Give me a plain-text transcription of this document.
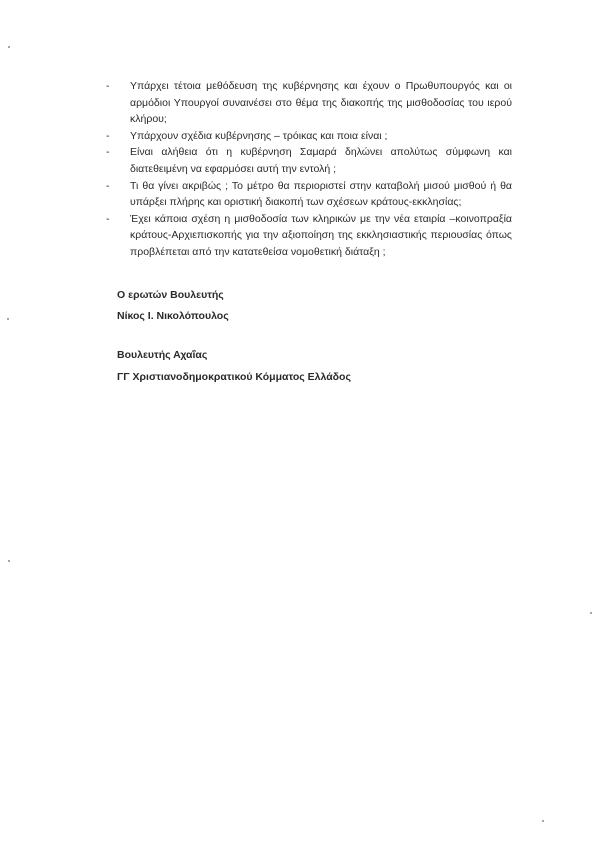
-	Υπάρχει τέτοια μεθόδευση της κυβέρνησης και έχουν ο Πρωθυπουργός και οι αρμόδιοι Υπουργοί συναινέσει στο θέμα της διακοπής της μισθοδοσίας του ιερού κλήρου;
-	Υπάρχουν σχέδια κυβέρνησης – τρόικας και ποια είναι ;
-	Είναι αλήθεια ότι η κυβέρνηση Σαμαρά δηλώνει απολύτως σύμφωνη και διατεθειμένη να εφαρμόσει αυτή την εντολή ;
-	Τι θα γίνει ακριβώς ; Το μέτρο θα περιοριστεί στην καταβολή μισού μισθού ή θα υπάρξει πλήρης και οριστική διακοπή των σχέσεων κράτους-εκκλησίας;
-	Έχει κάποια σχέση η μισθοδοσία των κληρικών με την νέα εταιρία –κοινοπραξία κράτους-Αρχιεπισκοπής για την αξιοποίηση της εκκλησιαστικής περιουσίας όπως προβλέπεται από την κατατεθείσα νομοθετική διάταξη ;

Ο ερωτών Βουλευτής

Νίκος Ι. Νικολόπουλος

Βουλευτής Αχαΐας

ΓΓ Χριστιανοδημοκρατικού Κόμματος Ελλάδος
